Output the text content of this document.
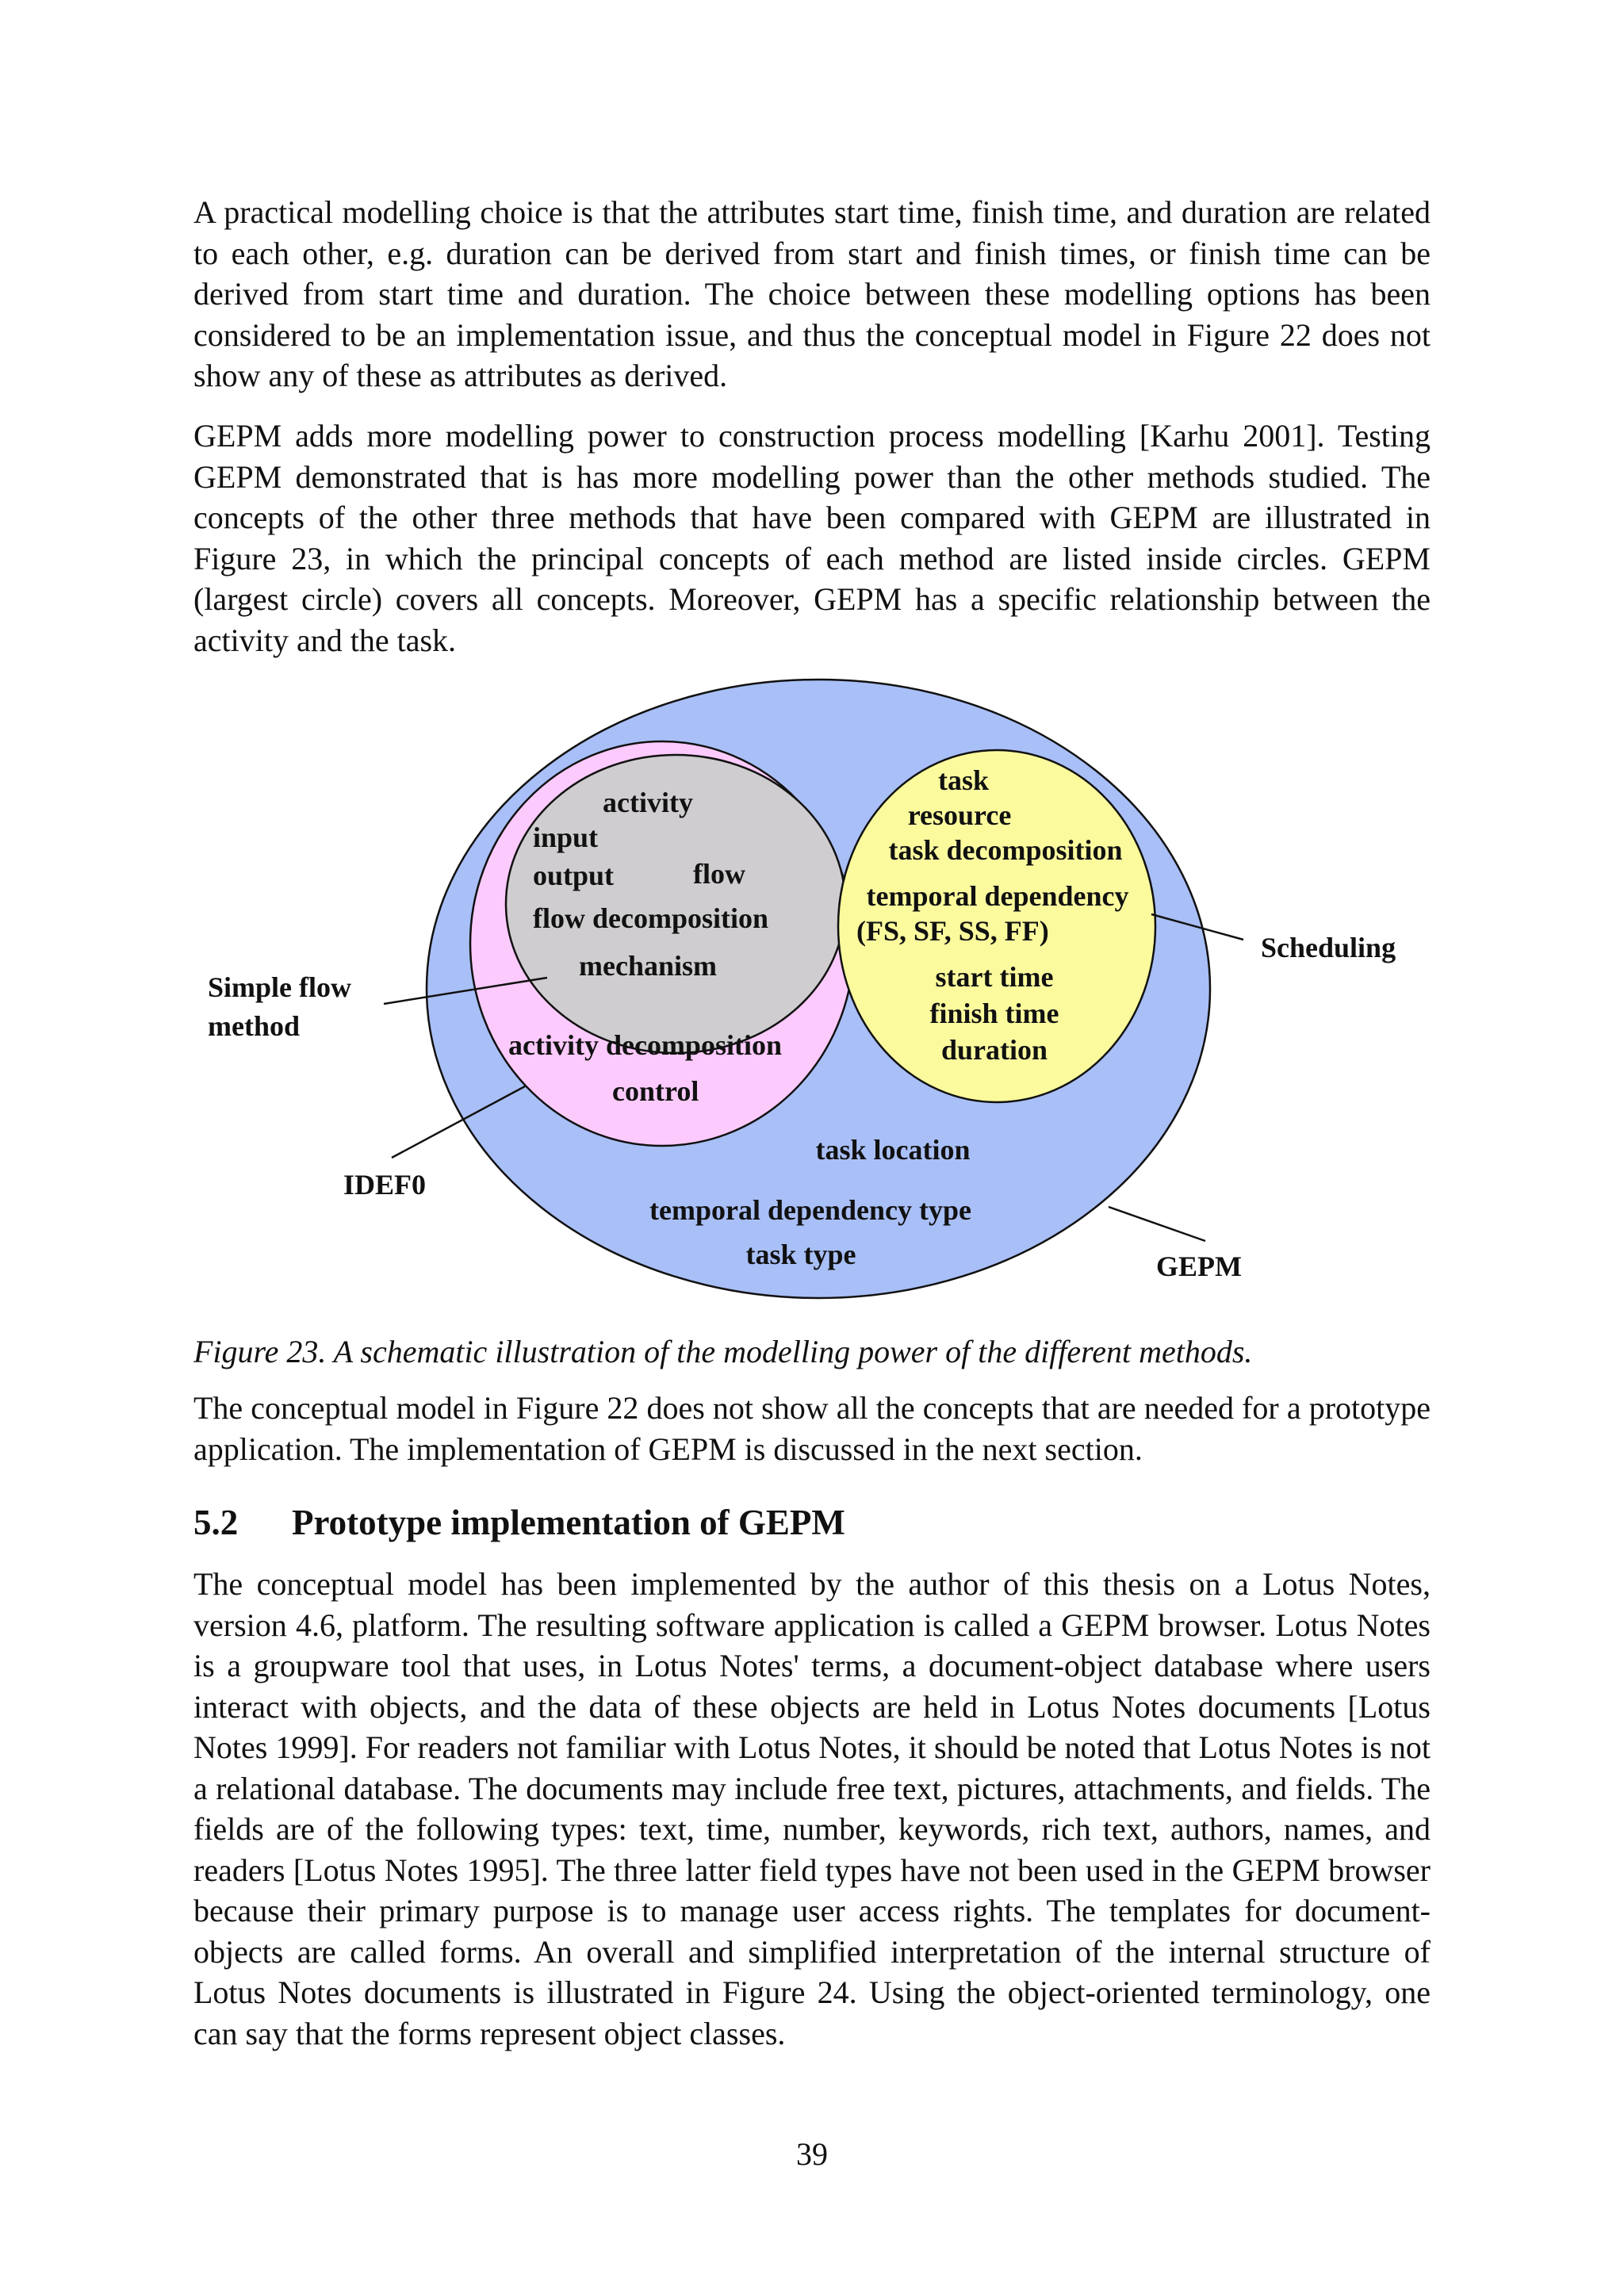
A practical modelling choice is that the attributes start time, finish time, and duration are related to each other, e.g. duration can be derived from start and finish times, or finish time can be derived from start time and duration. The choice between these modelling options has been considered to be an implementation issue, and thus the conceptual model in Figure 22 does not show any of these as attributes as derived.

GEPM adds more modelling power to construction process modelling [Karhu 2001]. Testing GEPM demonstrated that is has more modelling power than the other methods studied. The concepts of the other three methods that have been compared with GEPM are illustrated in Figure 23, in which the principal concepts of each method are listed inside circles. GEPM (largest circle) covers all concepts. Moreover, GEPM has a specific relationship between the activity and the task.

Simple flow
method
IDEF0
Scheduling
GEPM
activity
input
output	flow
flow decomposition
mechanism
activity decomposition
control
task
resource
task decomposition
temporal dependency
(FS, SF, SS, FF)
start time
finish time
duration
task location
temporal dependency type
task type

Figure 23. A schematic illustration of the modelling power of the different methods.

The conceptual model in Figure 22 does not show all the concepts that are needed for a prototype application. The implementation of GEPM is discussed in the next section.

5.2 Prototype implementation of GEPM

The conceptual model has been implemented by the author of this thesis on a Lotus Notes, version 4.6, platform. The resulting software application is called a GEPM browser. Lotus Notes is a groupware tool that uses, in Lotus Notes' terms, a document-object database where users interact with objects, and the data of these objects are held in Lotus Notes documents [Lotus Notes 1999]. For readers not familiar with Lotus Notes, it should be noted that Lotus Notes is not a relational database. The documents may include free text, pictures, attachments, and fields. The fields are of the following types: text, time, number, keywords, rich text, authors, names, and readers [Lotus Notes 1995]. The three latter field types have not been used in the GEPM browser because their primary purpose is to manage user access rights. The templates for document-objects are called forms. An overall and simplified interpretation of the internal structure of Lotus Notes documents is illustrated in Figure 24. Using the object-oriented terminology, one can say that the forms represent object classes.

39
